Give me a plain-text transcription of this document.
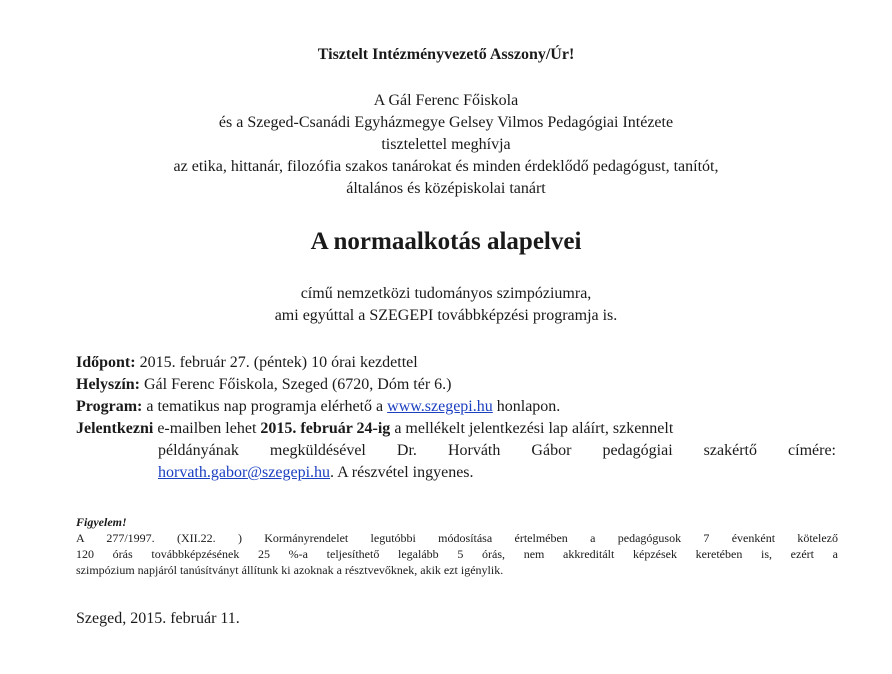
Tisztelt Intézményvezető Asszony/Úr!
A Gál Ferenc Főiskola
és a Szeged-Csanádi Egyházmegye Gelsey Vilmos Pedagógiai Intézete
tisztelettel meghívja
az etika, hittanár, filozófia szakos tanárokat és minden érdeklődő pedagógust, tanítót,
általános és középiskolai tanárt
A normaalkotás alapelvei
című nemzetközi tudományos szimpóziumra,
ami egyúttal a SZEGEPI továbbképzési programja is.
Időpont: 2015. február 27. (péntek) 10 órai kezdettel
Helyszín: Gál Ferenc Főiskola, Szeged (6720, Dóm tér 6.)
Program: a tematikus nap programja elérhető a www.szegepi.hu honlapon.
Jelentkezni e-mailben lehet 2015. február 24-ig a mellékelt jelentkezési lap aláírt, szkennelt
példányának megküldésével Dr. Horváth Gábor pedagógiai szakértő címére:
horvath.gabor@szegepi.hu. A részvétel ingyenes.
Figyelem!
A 277/1997. (XII.22. ) Kormányrendelet legutóbbi módosítása értelmében a pedagógusok 7 évenként kötelező
120 órás továbbképzésének 25 %-a teljesíthető legalább 5 órás, nem akkreditált képzések keretében is, ezért a
szimpózium napjáról tanúsítványt állítunk ki azoknak a résztvevőknek, akik ezt igénylik.
Szeged, 2015. február 11.
